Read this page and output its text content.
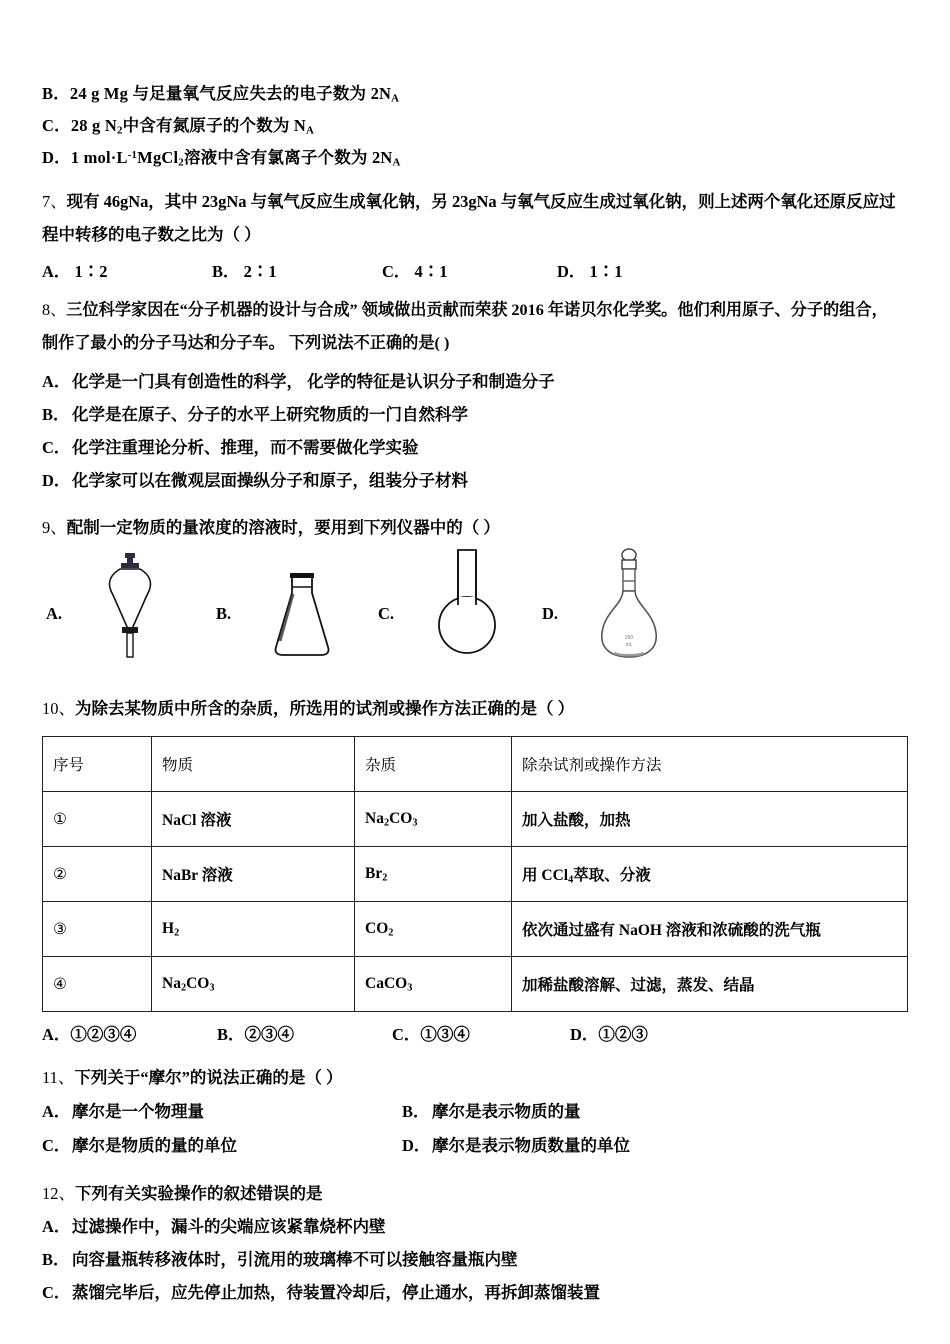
B．24 g Mg 与足量氧气反应失去的电子数为 $2N_A$
C．28 g $N_2$中含有氮原子的个数为 $N_A$
D．1 $mol\cdot L^{-1}MgCl_2$溶液中含有氯离子个数为 $2N_A$
7、现有 46gNa，其中 23gNa 与氧气反应生成氧化钠，另 23gNa 与氧气反应生成过氧化钠，则上述两个氧化还原反应过
程中转移的电子数之比为（ ）
A． 1∶2	B． 2∶1	C． 4∶1	D． 1∶1
8、三位科学家因在“分子机器的设计与合成” 领域做出贡献而荣获 2016 年诺贝尔化学奖。他们利用原子、分子的组合，
制作了最小的分子马达和分子车。 下列说法不正确的是( )
A．化学是一门具有创造性的科学， 化学的特征是认识分子和制造分子
B． 化学是在原子、分子的水平上研究物质的一门自然科学
C．化学注重理论分析、推理，而不需要做化学实验
D．化学家可以在微观层面操纵分子和原子，组装分子材料
9、配制一定物质的量浓度的溶液时，要用到下列仪器中的（ ）
A.	B.	C.	D.
250
mL
10、为除去某物质中所含的杂质，所选用的试剂或操作方法正确的是（ ）
序号	物质	杂质	除杂试剂或操作方法
①	NaCl 溶液	$Na_2CO_3$	加入盐酸，加热
②	NaBr 溶液	$Br_2$	用 CCl$_4$萃取、分液
③	$H_2$	$CO_2$	依次通过盛有 NaOH 溶液和浓硫酸的洗气瓶
④	$Na_2CO_3$	CaCO$_3$	加稀盐酸溶解、过滤，蒸发、结晶
A．①②③④	B．②③④	C．①③④	D．①②③
11、下列关于“摩尔”的说法正确的是（ ）
A．摩尔是一个物理量	B． 摩尔是表示物质的量
C．摩尔是物质的量的单位	D．摩尔是表示物质数量的单位
12、下列有关实验操作的叙述错误的是
A．过滤操作中，漏斗的尖端应该紧靠烧杯内壁
B． 向容量瓶转移液体时，引流用的玻璃棒不可以接触容量瓶内壁
C．蒸馏完毕后，应先停止加热，待装置冷却后，停止通水，再拆卸蒸馏装置
